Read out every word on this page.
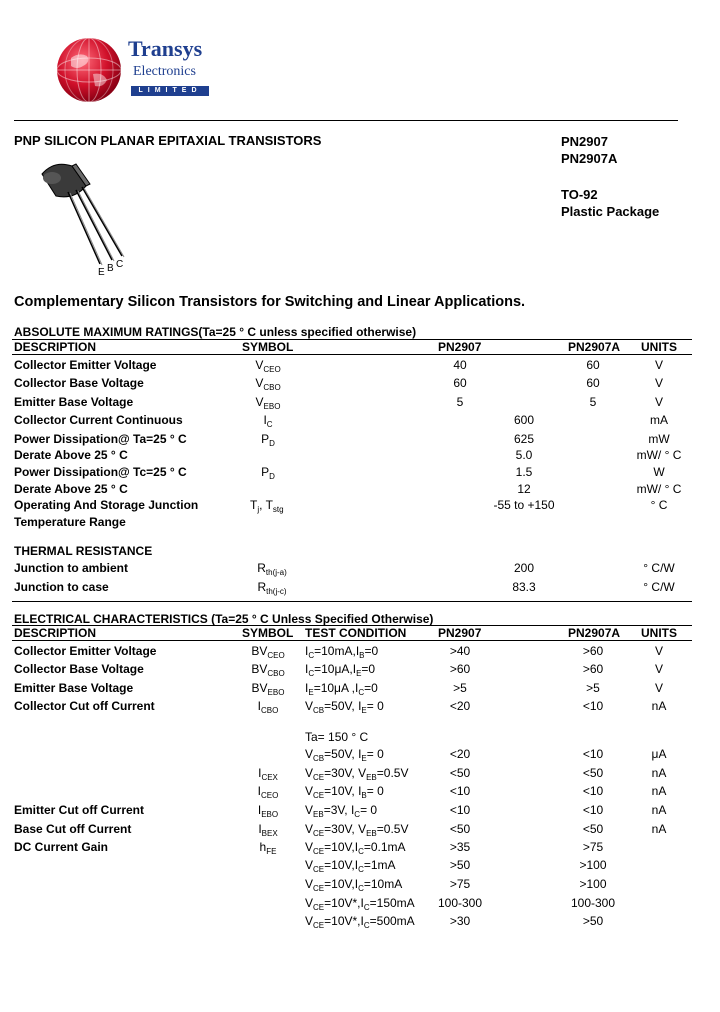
Transys
Electronics
LIMITED
PNP SILICON PLANAR EPITAXIAL TRANSISTORS	PN2907
PN2907A
TO-92
Plastic Package
E B C
Complementary Silicon Transistors for Switching and Linear Applications.
ABSOLUTE MAXIMUM RATINGS(Ta=25 ° C unless specified otherwise)
DESCRIPTION	SYMBOL	PN2907	PN2907A UNITS
Collector Emitter Voltage	$V_{CEO}$	40	60	V
Collector Base Voltage	$V_{CBO}$	60	60	V
Emitter Base Voltage	$V_{EBO}$	5	5	V
Collector Current Continuous	$I_C$	600	mA
Power Dissipation@ Ta=25 ° C	$P_D$	625	mW
Derate Above 25 ° C	5.0	mW/ ° C
Power Dissipation@ Tc=25 ° C	$P_D$	1.5	W
Derate Above 25 ° C	12	mW/ ° C
Operating And Storage Junction
Temperature Range
$T_j$, $T_{stg}$	-55 to +150	° C
THERMAL RESISTANCE
Junction to ambient	$R_{th(j-a)}$	200	° C/W
Junction to case	$R_{th(j-c)}$	83.3	° C/W
ELECTRICAL CHARACTERISTICS (Ta=25 ° C Unless Specified Otherwise)
DESCRIPTION	SYMBOL TEST CONDITION	PN2907	PN2907A UNITS
Collector Emitter Voltage	$BV_{CEO}$ $I_C=10mA,I_B=0$	>40	>60	V
Collector Base Voltage	$BV_{CBO}$ $I_C=10\mu A,I_E=0$	>60	>60	V
Emitter Base Voltage	$BV_{EBO}$ $I_E=10\mu A$ $,I_C=0$	>5	>5	V
Collector Cut off Current	$I_{CBO}$	$V_{CB}=50V$, $I_E= 0$	<20	<10	nA
Ta= 150 ° C
$V_{CB}=50V$, $I_E= 0$	<20	<10	μA
$I_{CEX}$	$V_{CE}=30V$, $V_{EB}=0.5V$	<50	<50	nA
$I_{CEO}$	$V_{CE}=10V$, $I_B= 0$	<10	<10	nA
Emitter Cut off Current	$I_{EBO}$	$V_{EB}=3V$, $I_C= 0$	<10	<10	nA
Base Cut off Current	$I_{BEX}$	$V_{CE}=30V$, $V_{EB}=0.5V$	<50	<50	nA
DC Current Gain	$h_{FE}$	$V_{CE}=10V,I_C=0.1mA$	>35	>75
$V_{CE}=10V,I_C=1mA$	>50	>100
$V_{CE}=10V,I_C=10mA$	>75	>100
$V_{CE}=10V*,I_C=150mA$	100-300	100-300
$V_{CE}=10V*,I_C=500mA$	>30	>50
